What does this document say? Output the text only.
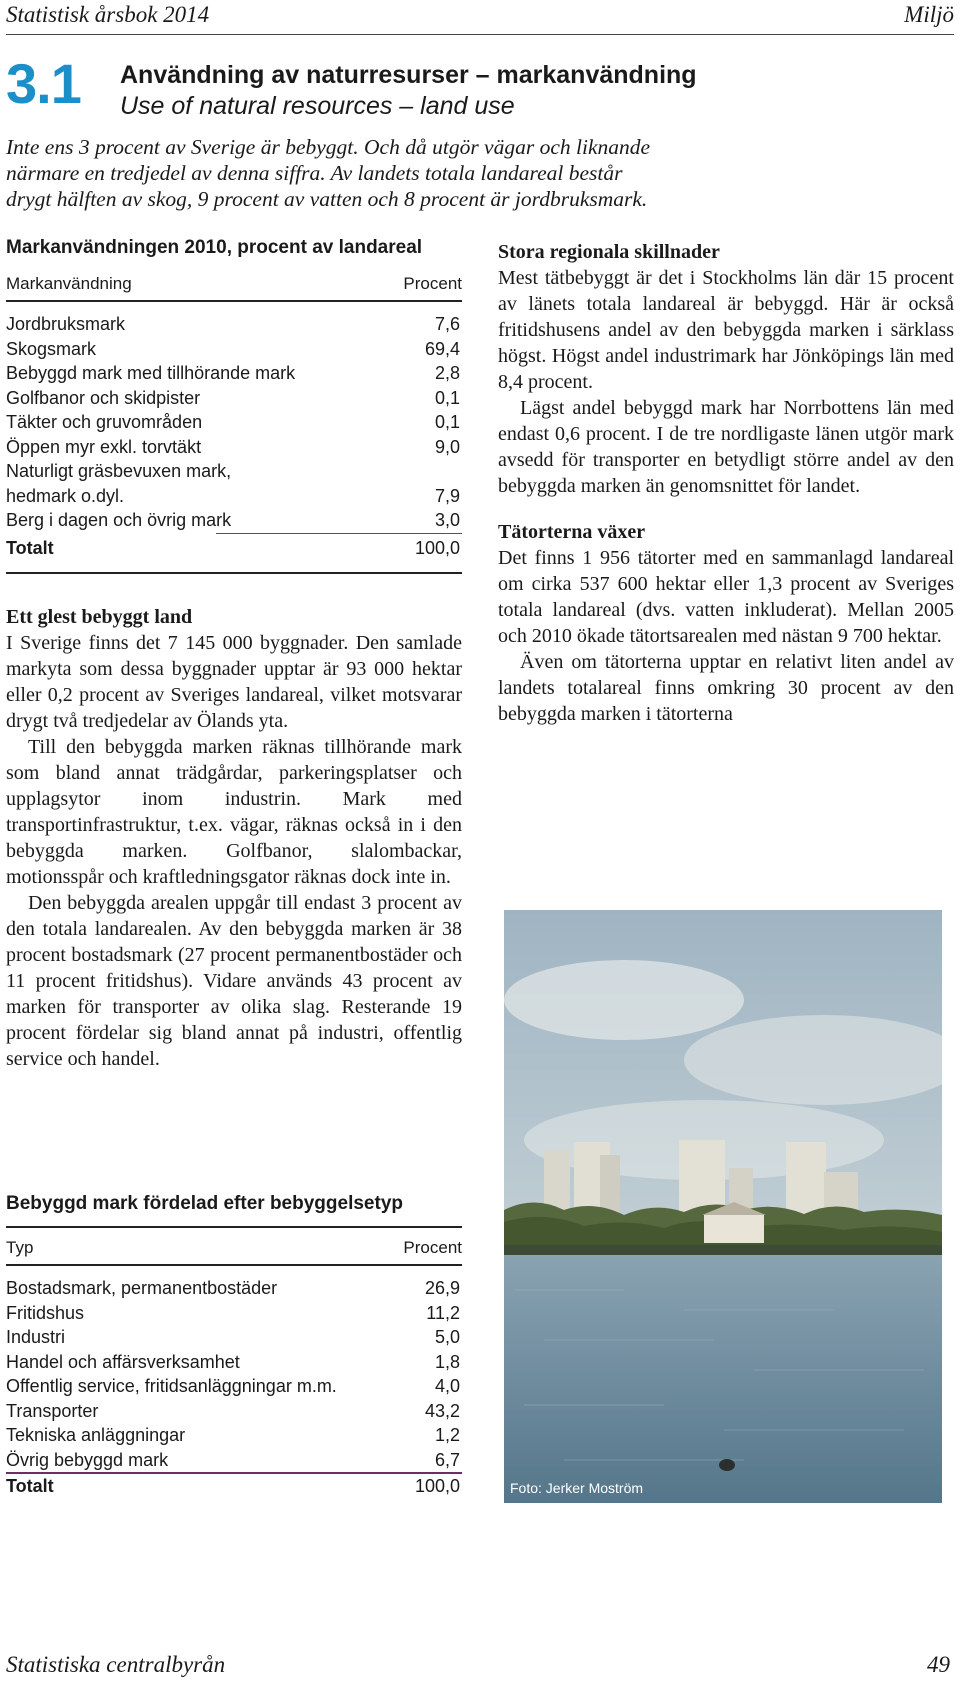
Statistisk årsbok 2014	Miljö
3.1 Användning av naturresurser – markanvändning
Use of natural resources – land use

Inte ens 3 procent av Sverige är bebyggt. Och då utgör vägar och liknande

närmare en tredjedel av denna siffra. Av landets totala landareal består

drygt hälften av skog, 9 procent av vatten och 8 procent är jordbruksmark.

Markanvändningen 2010, procent av landareal
Markanvändning	Procent
Jordbruksmark	7,6
Skogsmark	69,4
Bebyggd mark med tillhörande mark	2,8
Golfbanor och skidpister	0,1
Täkter och gruvområden	0,1
Öppen myr exkl. torvtäkt	9,0
Naturligt gräsbevuxen mark,
hedmark o.dyl.	7,9
Berg i dagen och övrig mark	3,0
Totalt	100,0
Ett glest bebyggt land

I Sverige finns det 7 145 000 byggnader. Den samlade markyta som dessa byggnader upptar är 93 000 hektar eller 0,2 procent av Sveriges landareal, vilket motsvarar drygt två tredjedelar av Ölands yta.

Till den bebyggda marken räknas tillhörande mark som bland annat trädgårdar, parkeringsplatser och upplagsytor inom industrin. Mark med transportinfrastruktur, t.ex. vägar, räknas också in i den bebyggda marken. Golfbanor, slalombackar, motionsspår och kraftledningsgator räknas dock inte in.

Den bebyggda arealen uppgår till endast 3 procent av den totala landarealen. Av den bebyggda marken är 38 procent bostadsmark (27 procent permanentbostäder och 11 procent fritidshus). Vidare används 43 procent av marken för transporter av olika slag. Resterande 19 procent fördelar sig bland annat på industri, offentlig service och handel.

Bebyggd mark fördelad efter bebyggelsetyp
Typ	Procent
Bostadsmark, permanentbostäder	26,9
Fritidshus	11,2
Industri	5,0
Handel och affärsverksamhet	1,8
Offentlig service, fritidsanläggningar m.m.	4,0
Transporter	43,2
Tekniska anläggningar	1,2
Övrig bebyggd mark	6,7
Totalt	100,0
Stora regionala skillnader

Mest tätbebyggt är det i Stockholms län där 15 procent av länets totala landareal är bebyggd. Här är också fritidshusens andel av den bebyggda marken i särklass högst. Högst andel industrimark har Jönköpings län med 8,4 procent.

Lägst andel bebyggd mark har Norrbottens län med endast 0,6 procent. I de tre nordligaste länen utgör mark avsedd för transporter en betydligt större andel av den bebyggda marken än genomsnittet för landet.

Tätorterna växer

Det finns 1 956 tätorter med en sammanlagd landareal om cirka 537 600 hektar eller 1,3 procent av Sveriges totala landareal (dvs. vatten inkluderat). Mellan 2005 och 2010 ökade tätortsarealen med nästan 9 700 hektar.

Även om tätorterna upptar en relativt liten andel av landets totalareal finns omkring 30 procent av den bebyggda marken i tätorterna

Foto: Jerker Moström
Statistiska centralbyrån	49
